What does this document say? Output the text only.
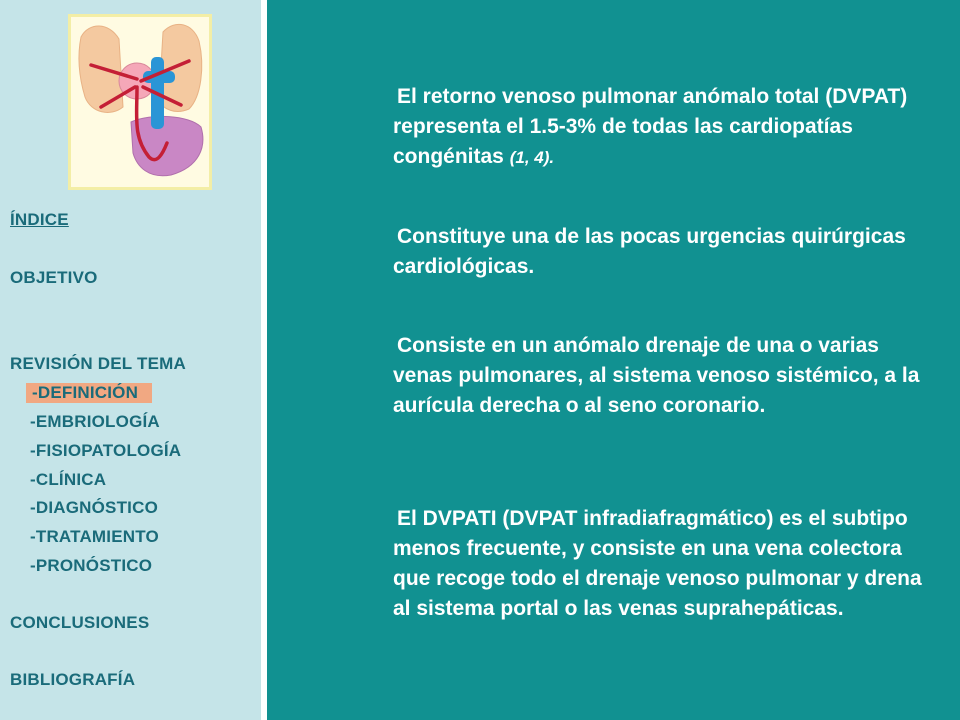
ÍNDICE
OBJETIVO
REVISIÓN DEL TEMA
-DEFINICIÓN
-EMBRIOLOGÍA
-FISIOPATOLOGÍA
-CLÍNICA
-DIAGNÓSTICO
-TRATAMIENTO
-PRONÓSTICO
CONCLUSIONES
BIBLIOGRAFÍA

El retorno venoso pulmonar anómalo total (DVPAT) representa el 1.5-3% de todas las cardiopatías congénitas (1, 4).

Constituye una de las pocas urgencias quirúrgicas cardiológicas.

Consiste en un anómalo drenaje de una o varias venas pulmonares, al sistema venoso sistémico, a la aurícula derecha o al seno coronario.

El DVPATI (DVPAT infradiafragmático) es el subtipo menos frecuente, y consiste en una vena colectora que recoge todo el drenaje venoso pulmonar y drena al sistema portal o las venas suprahepáticas.
